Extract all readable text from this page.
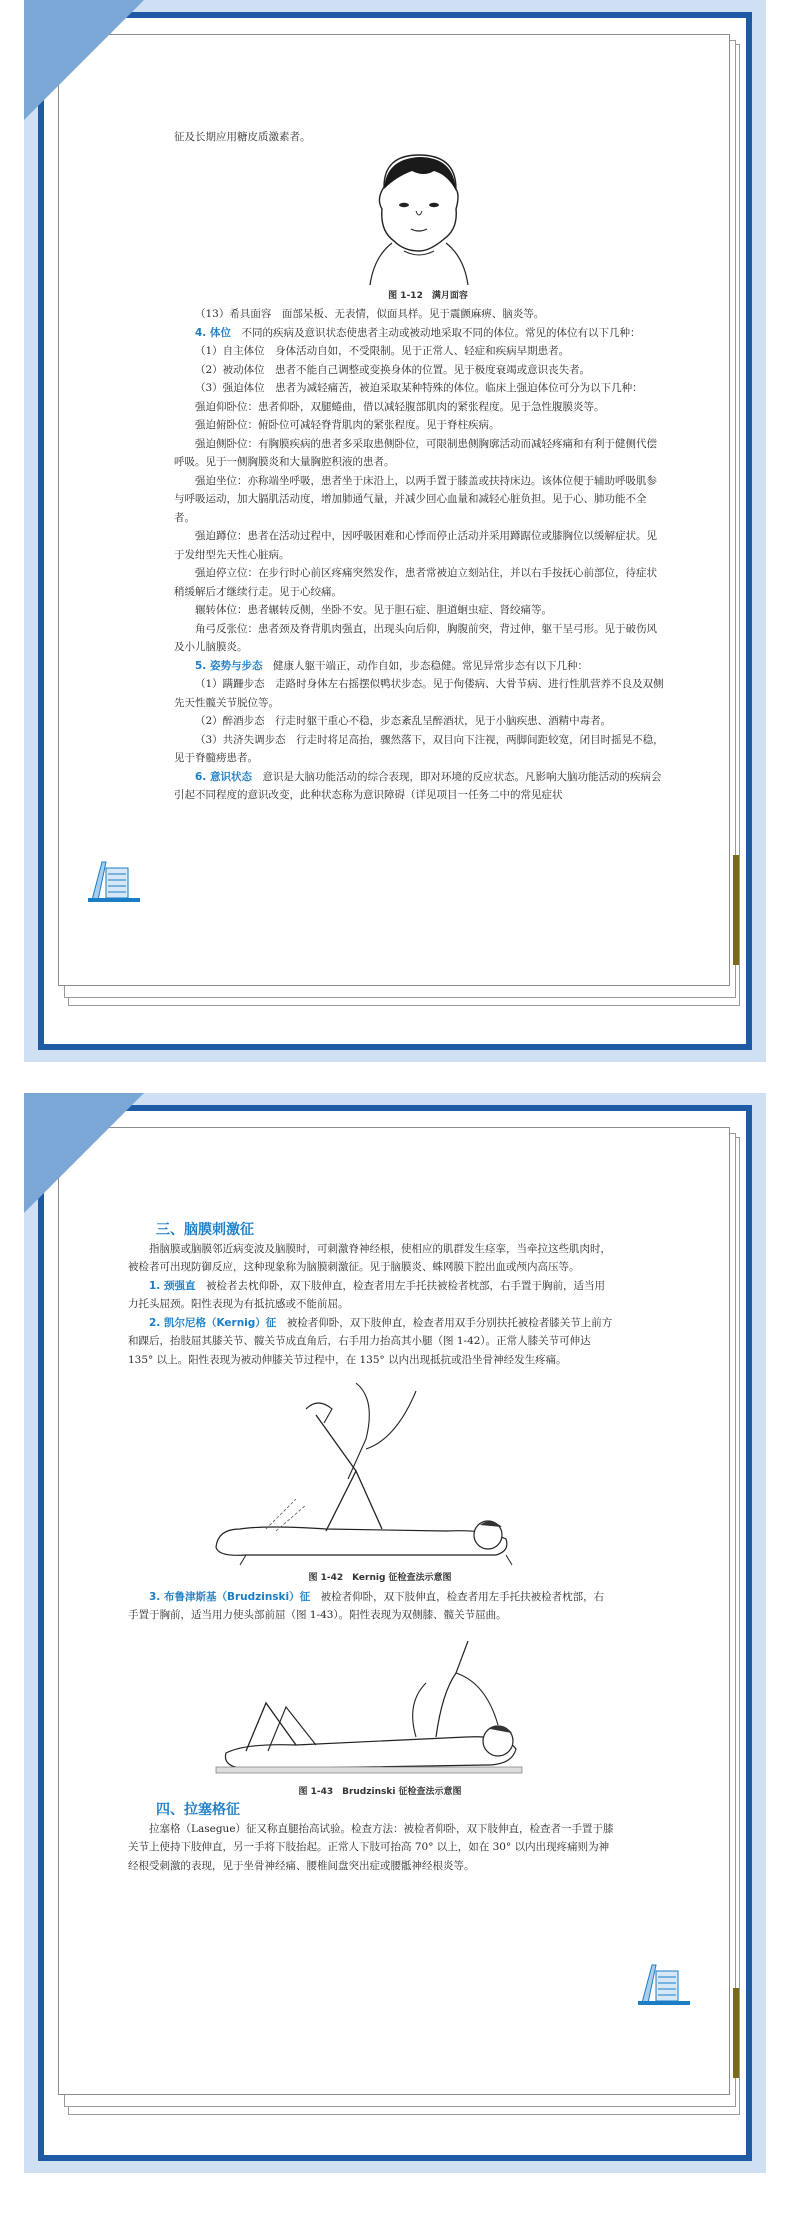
征及长期应用糖皮质激素者。

图 1-12　满月面容

（13）希具面容　面部呆板、无表情，似面具样。见于震颤麻痹、脑炎等。

4. 体位　 不同的疾病及意识状态使患者主动或被动地采取不同的体位。常见的体位有以下几种：

（1）自主体位　身体活动自如，不受限制。见于正常人、轻症和疾病早期患者。

（2）被动体位　患者不能自己调整或变换身体的位置。见于极度衰竭或意识丧失者。

（3）强迫体位　患者为减轻痛苦，被迫采取某种特殊的体位。临床上强迫体位可分为以下几种：

强迫仰卧位：患者仰卧，双腿蜷曲，借以减轻腹部肌肉的紧张程度。见于急性腹膜炎等。

强迫俯卧位：俯卧位可减轻脊背肌肉的紧张程度。见于脊柱疾病。

强迫侧卧位：有胸膜疾病的患者多采取患侧卧位，可限制患侧胸廓活动而减轻疼痛和有利于健侧代偿呼吸。见于一侧胸膜炎和大量胸腔积液的患者。

强迫坐位：亦称端坐呼吸，患者坐于床沿上，以两手置于膝盖或扶持床边。该体位便于辅助呼吸肌参与呼吸运动，加大膈肌活动度，增加肺通气量，并减少回心血量和减轻心脏负担。见于心、肺功能不全者。

强迫蹲位：患者在活动过程中，因呼吸困难和心悸而停止活动并采用蹲踞位或膝胸位以缓解症状。见于发绀型先天性心脏病。

强迫停立位：在步行时心前区疼痛突然发作，患者常被迫立刻站住，并以右手按抚心前部位，待症状稍缓解后才继续行走。见于心绞痛。

辗转体位：患者辗转反侧，坐卧不安。见于胆石症、胆道蛔虫症、肾绞痛等。

角弓反张位：患者颈及脊背肌肉强直，出现头向后仰，胸腹前突，背过伸，躯干呈弓形。见于破伤风及小儿脑膜炎。

5. 姿势与步态　 健康人躯干端正，动作自如，步态稳健。常见异常步态有以下几种：

（1）蹒跚步态　走路时身体左右摇摆似鸭状步态。见于佝偻病、大骨节病、进行性肌营养不良及双侧先天性髋关节脱位等。

（2）醉酒步态　行走时躯干重心不稳，步态紊乱呈醉酒状，见于小脑疾患、酒精中毒者。

（3）共济失调步态　行走时将足高抬，骤然落下，双目向下注视，两脚间距较宽，闭目时摇晃不稳，见于脊髓痨患者。

6. 意识状态　 意识是大脑功能活动的综合表现，即对环境的反应状态。凡影响大脑功能活动的疾病会引起不同程度的意识改变，此种状态称为意识障碍（详见项目一任务二中的常见症状

三、脑膜刺激征

指脑膜或脑膜邻近病变波及脑膜时，可刺激脊神经根，使相应的肌群发生痉挛，当牵拉这些肌肉时，被检者可出现防御反应，这种现象称为脑膜刺激征。见于脑膜炎、蛛网膜下腔出血或颅内高压等。

1. 颈强直　 被检者去枕仰卧，双下肢伸直，检查者用左手托扶被检者枕部，右手置于胸前，适当用力托头屈颈。阳性表现为有抵抗感或不能前屈。

2. 凯尔尼格（Kernig）征　 被检者仰卧，双下肢伸直，检查者用双手分别扶托被检者膝关节上前方和踝后，抬肢屈其膝关节、髋关节成直角后，右手用力抬高其小腿（图 1-42）。正常人膝关节可伸达 135° 以上。阳性表现为被动伸膝关节过程中，在 135° 以内出现抵抗或沿坐骨神经发生疼痛。

图 1-42　Kernig 征检查法示意图

3. 布鲁津斯基（Brudzinski）征　 被检者仰卧，双下肢伸直，检查者用左手托扶被检者枕部，右手置于胸前，适当用力使头部前屈（图 1-43）。阳性表现为双侧膝、髋关节屈曲。

图 1-43　Brudzinski 征检查法示意图

四、拉塞格征

拉塞格（Lasegue）征又称直腿抬高试验。检查方法：被检者仰卧，双下肢伸直，检查者一手置于膝关节上使持下肢伸直，另一手将下肢抬起。正常人下肢可抬高 70° 以上，如在 30° 以内出现疼痛则为神经根受刺激的表现，见于坐骨神经痛、腰椎间盘突出症或腰骶神经根炎等。
